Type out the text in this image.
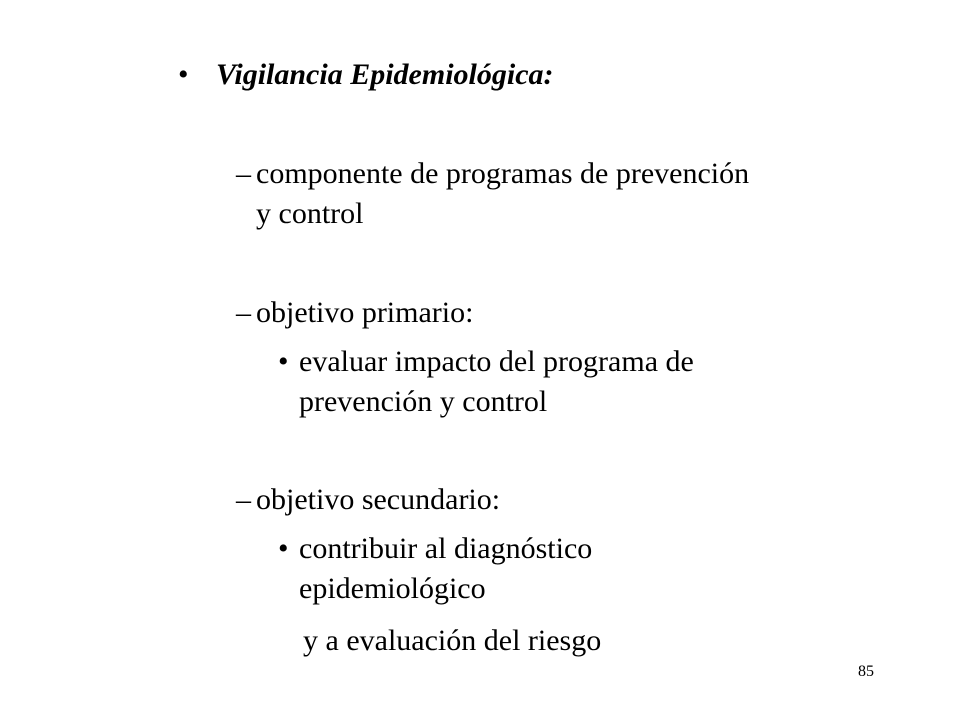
• Vigilancia Epidemiológica:
– componente de programas de prevención
y control
– objetivo primario:
• evaluar impacto del programa de
prevención y control
– objetivo secundario:
• contribuir al diagnóstico
epidemiológico
y a evaluación del riesgo
85
